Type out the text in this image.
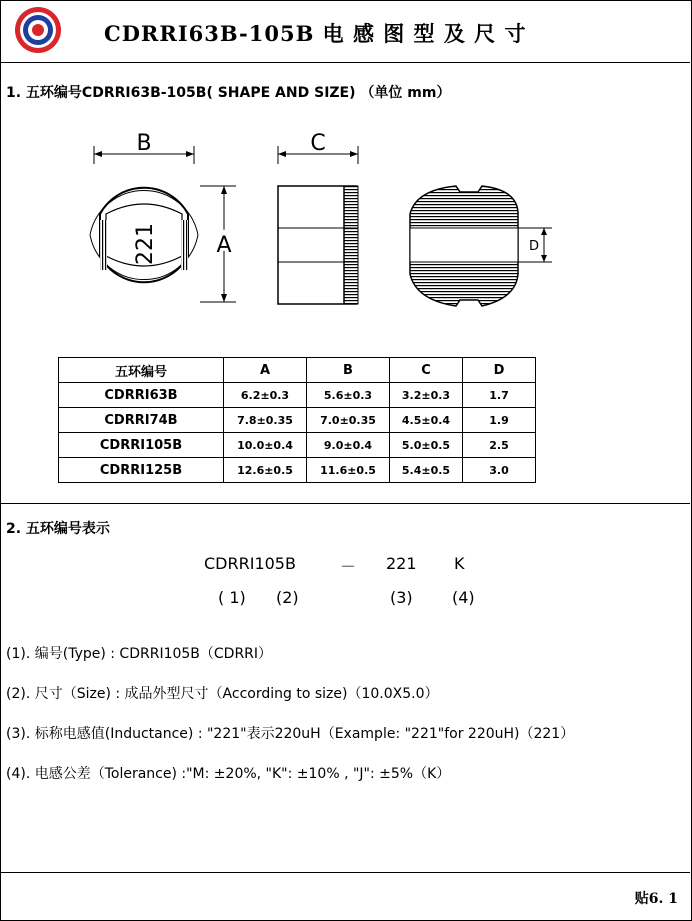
CDRRI63B-105B 电 感 图 型 及 尺 寸
1. 五环编号CDRRI63B-105B( SHAPE AND SIZE) （单位 mm）
B
221	A
C
D
五环编号	A	B	C	D
CDRRI63B	6.2±0.3	5.6±0.3	3.2±0.3	1.7
CDRRI74B	7.8±0.35	7.0±0.35	4.5±0.4	1.9
CDRRI105B	10.0±0.4	9.0±0.4	5.0±0.5	2.5
CDRRI125B	12.6±0.5	11.6±0.5	5.4±0.5	3.0
2. 五环编号表示
CDRRI105B	－ 221 K
( 1) (2)	(3) (4)
(1). 编号(Type) : CDRRI105B（CDRRI）
(2). 尺寸（Size) : 成品外型尺寸（According to size)（10.0X5.0）
(3). 标称电感值(Inductance) : "221"表示220uH（Example: "221"for 220uH)（221）
(4). 电感公差（Tolerance) :"M: ±20%, "K": ±10% , "J": ±5%（K）
贴6. 1
